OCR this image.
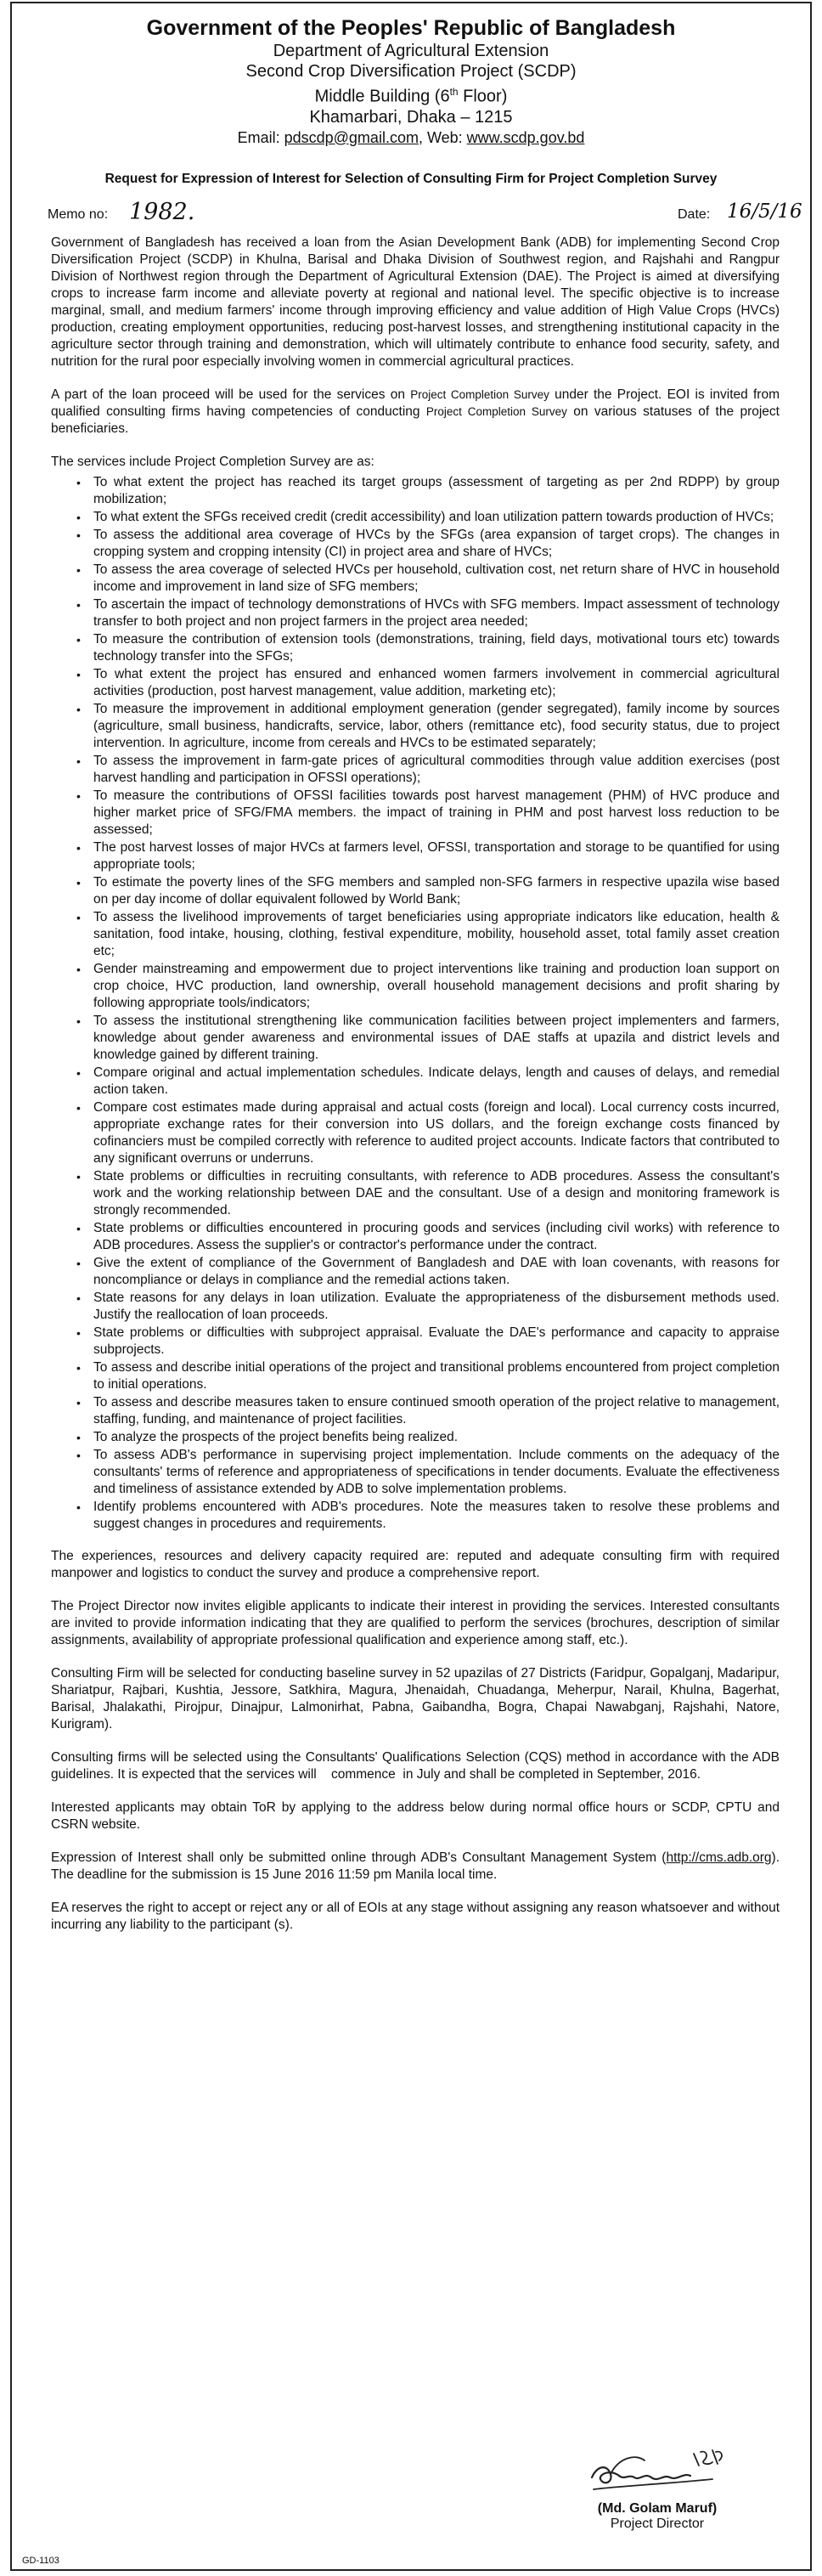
Government of the Peoples' Republic of Bangladesh
Department of Agricultural Extension
Second Crop Diversification Project (SCDP)
Middle Building (6th Floor)
Khamarbari, Dhaka – 1215
Email: pdscdp@gmail.com, Web: www.scdp.gov.bd
Request for Expression of Interest for Selection of Consulting Firm for Project Completion Survey
Memo no: 1982.	Date: 16/5/16

Government of Bangladesh has received a loan from the Asian Development Bank (ADB) for implementing Second Crop Diversification Project (SCDP) in Khulna, Barisal and Dhaka Division of Southwest region, and Rajshahi and Rangpur Division of Northwest region through the Department of Agricultural Extension (DAE). The Project is aimed at diversifying crops to increase farm income and alleviate poverty at regional and national level. The specific objective is to increase marginal, small, and medium farmers' income through improving efficiency and value addition of High Value Crops (HVCs) production, creating employment opportunities, reducing post-harvest losses, and strengthening institutional capacity in the agriculture sector through training and demonstration, which will ultimately contribute to enhance food security, safety, and nutrition for the rural poor especially involving women in commercial agricultural practices.

A part of the loan proceed will be used for the services on Project Completion Survey under the Project. EOI is invited from qualified consulting firms having competencies of conducting Project Completion Survey on various statuses of the project beneficiaries.

The services include Project Completion Survey are as:

• To what extent the project has reached its target groups (assessment of targeting as per 2nd RDPP) by group mobilization;
• To what extent the SFGs received credit (credit accessibility) and loan utilization pattern towards production of HVCs;
• To assess the additional area coverage of HVCs by the SFGs (area expansion of target crops). The changes in cropping system and cropping intensity (CI) in project area and share of HVCs;
• To assess the area coverage of selected HVCs per household, cultivation cost, net return share of HVC in household income and improvement in land size of SFG members;
• To ascertain the impact of technology demonstrations of HVCs with SFG members. Impact assessment of technology transfer to both project and non project farmers in the project area needed;
• To measure the contribution of extension tools (demonstrations, training, field days, motivational tours etc) towards technology transfer into the SFGs;
• To what extent the project has ensured and enhanced women farmers involvement in commercial agricultural activities (production, post harvest management, value addition, marketing etc);
• To measure the improvement in additional employment generation (gender segregated), family income by sources (agriculture, small business, handicrafts, service, labor, others (remittance etc), food security status, due to project intervention. In agriculture, income from cereals and HVCs to be estimated separately;
• To assess the improvement in farm-gate prices of agricultural commodities through value addition exercises (post harvest handling and participation in OFSSI operations);
• To measure the contributions of OFSSI facilities towards post harvest management (PHM) of HVC produce and higher market price of SFG/FMA members. the impact of training in PHM and post harvest loss reduction to be assessed;
• The post harvest losses of major HVCs at farmers level, OFSSI, transportation and storage to be quantified for using appropriate tools;
• To estimate the poverty lines of the SFG members and sampled non-SFG farmers in respective upazila wise based on per day income of dollar equivalent followed by World Bank;
• To assess the livelihood improvements of target beneficiaries using appropriate indicators like education, health & sanitation, food intake, housing, clothing, festival expenditure, mobility, household asset, total family asset creation etc;
• Gender mainstreaming and empowerment due to project interventions like training and production loan support on crop choice, HVC production, land ownership, overall household management decisions and profit sharing by following appropriate tools/indicators;
• To assess the institutional strengthening like communication facilities between project implementers and farmers, knowledge about gender awareness and environmental issues of DAE staffs at upazila and district levels and knowledge gained by different training.
• Compare original and actual implementation schedules. Indicate delays, length and causes of delays, and remedial action taken.
• Compare cost estimates made during appraisal and actual costs (foreign and local). Local currency costs incurred, appropriate exchange rates for their conversion into US dollars, and the foreign exchange costs financed by cofinanciers must be compiled correctly with reference to audited project accounts. Indicate factors that contributed to any significant overruns or underruns.
• State problems or difficulties in recruiting consultants, with reference to ADB procedures. Assess the consultant's work and the working relationship between DAE and the consultant. Use of a design and monitoring framework is strongly recommended.
• State problems or difficulties encountered in procuring goods and services (including civil works) with reference to ADB procedures. Assess the supplier's or contractor's performance under the contract.
• Give the extent of compliance of the Government of Bangladesh and DAE with loan covenants, with reasons for noncompliance or delays in compliance and the remedial actions taken.
• State reasons for any delays in loan utilization. Evaluate the appropriateness of the disbursement methods used. Justify the reallocation of loan proceeds.
• State problems or difficulties with subproject appraisal. Evaluate the DAE's performance and capacity to appraise subprojects.
• To assess and describe initial operations of the project and transitional problems encountered from project completion to initial operations.
• To assess and describe measures taken to ensure continued smooth operation of the project relative to management, staffing, funding, and maintenance of project facilities.
• To analyze the prospects of the project benefits being realized.
• To assess ADB's performance in supervising project implementation. Include comments on the adequacy of the consultants' terms of reference and appropriateness of specifications in tender documents. Evaluate the effectiveness and timeliness of assistance extended by ADB to solve implementation problems.
• Identify problems encountered with ADB's procedures. Note the measures taken to resolve these problems and suggest changes in procedures and requirements.

The experiences, resources and delivery capacity required are: reputed and adequate consulting firm with required manpower and logistics to conduct the survey and produce a comprehensive report.

The Project Director now invites eligible applicants to indicate their interest in providing the services. Interested consultants are invited to provide information indicating that they are qualified to perform the services (brochures, description of similar assignments, availability of appropriate professional qualification and experience among staff, etc.).

Consulting Firm will be selected for conducting baseline survey in 52 upazilas of 27 Districts (Faridpur, Gopalganj, Madaripur, Shariatpur, Rajbari, Kushtia, Jessore, Satkhira, Magura, Jhenaidah, Chuadanga, Meherpur, Narail, Khulna, Bagerhat, Barisal, Jhalakathi, Pirojpur, Dinajpur, Lalmonirhat, Pabna, Gaibandha, Bogra, Chapai Nawabganj, Rajshahi, Natore, Kurigram).

Consulting firms will be selected using the Consultants' Qualifications Selection (CQS) method in accordance with the ADB guidelines. It is expected that the services will    commence  in July and shall be completed in September, 2016.

Interested applicants may obtain ToR by applying to the address below during normal office hours or SCDP, CPTU and CSRN website.

Expression of Interest shall only be submitted online through ADB's Consultant Management System (http://cms.adb.org). The deadline for the submission is 15 June 2016 11:59 pm Manila local time.

EA reserves the right to accept or reject any or all of EOIs at any stage without assigning any reason whatsoever and without incurring any liability to the participant (s).

(Md. Golam Maruf)
Project Director
GD-1103
